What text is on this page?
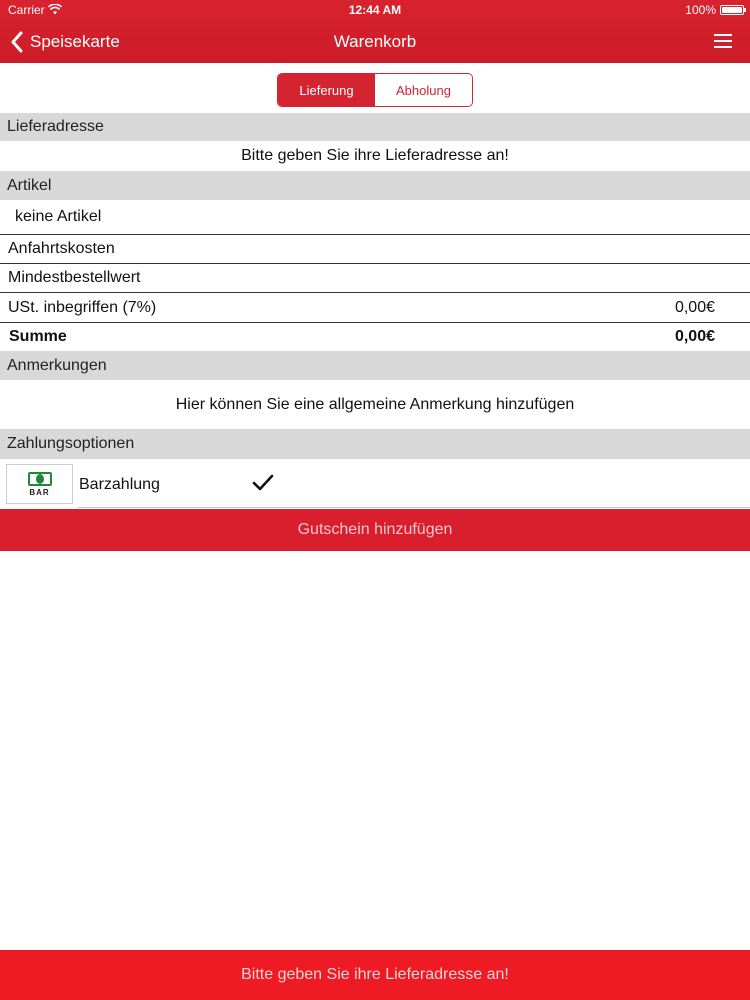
Carrier	12:44 AM	100%
Speisekarte	Warenkorb
Lieferung	Abholung
Lieferadresse
Bitte geben Sie ihre Lieferadresse an!
Artikel
keine Artikel
Anfahrtskosten
Mindestbestellwert
USt. inbegriffen (7%)	0,00€
Summe	0,00€
Anmerkungen
Hier können Sie eine allgemeine Anmerkung hinzufügen
Zahlungsoptionen
BAR	Barzahlung
Gutschein hinzufügen
Bitte geben Sie ihre Lieferadresse an!
